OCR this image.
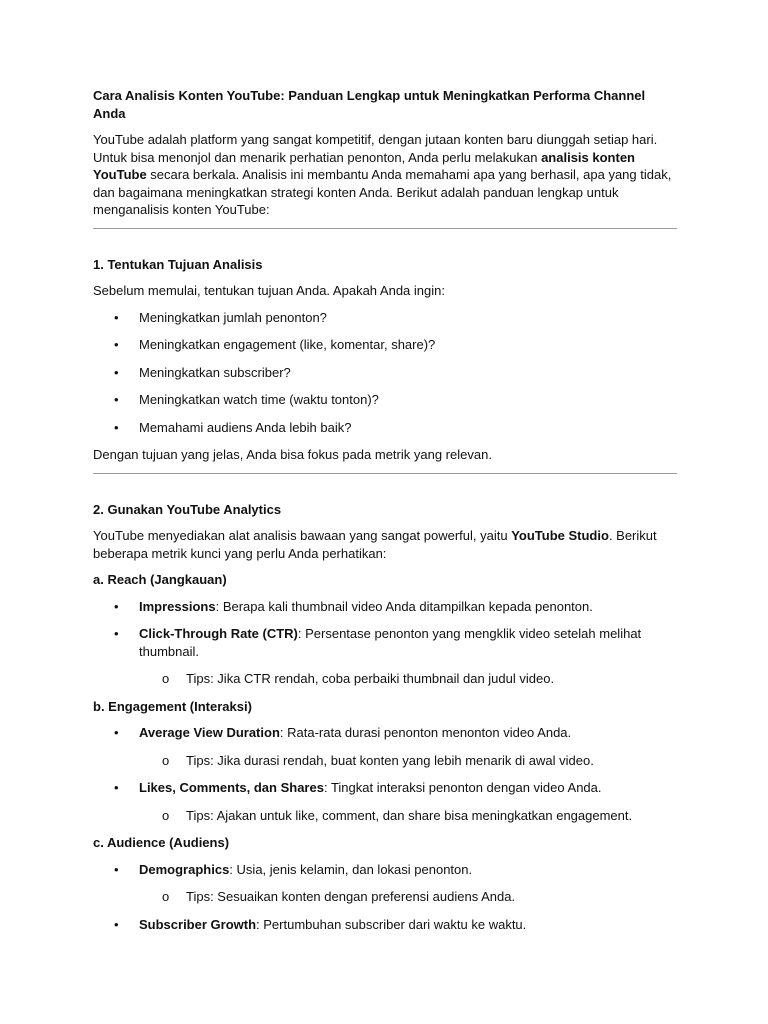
Cara Analisis Konten YouTube: Panduan Lengkap untuk Meningkatkan Performa Channel Anda

YouTube adalah platform yang sangat kompetitif, dengan jutaan konten baru diunggah setiap hari. Untuk bisa menonjol dan menarik perhatian penonton, Anda perlu melakukan analisis konten YouTube secara berkala. Analisis ini membantu Anda memahami apa yang berhasil, apa yang tidak, dan bagaimana meningkatkan strategi konten Anda. Berikut adalah panduan lengkap untuk menganalisis konten YouTube:

1. Tentukan Tujuan Analisis

Sebelum memulai, tentukan tujuan Anda. Apakah Anda ingin:

• Meningkatkan jumlah penonton?
• Meningkatkan engagement (like, komentar, share)?
• Meningkatkan subscriber?
• Meningkatkan watch time (waktu tonton)?
• Memahami audiens Anda lebih baik?

Dengan tujuan yang jelas, Anda bisa fokus pada metrik yang relevan.

2. Gunakan YouTube Analytics

YouTube menyediakan alat analisis bawaan yang sangat powerful, yaitu YouTube Studio. Berikut beberapa metrik kunci yang perlu Anda perhatikan:

a. Reach (Jangkauan)
• Impressions: Berapa kali thumbnail video Anda ditampilkan kepada penonton.
• Click-Through Rate (CTR): Persentase penonton yang mengklik video setelah melihat thumbnail.
o Tips: Jika CTR rendah, coba perbaiki thumbnail dan judul video.
b. Engagement (Interaksi)
• Average View Duration: Rata-rata durasi penonton menonton video Anda.
o Tips: Jika durasi rendah, buat konten yang lebih menarik di awal video.
• Likes, Comments, dan Shares: Tingkat interaksi penonton dengan video Anda.
o Tips: Ajakan untuk like, comment, dan share bisa meningkatkan engagement.
c. Audience (Audiens)
• Demographics: Usia, jenis kelamin, dan lokasi penonton.
o Tips: Sesuaikan konten dengan preferensi audiens Anda.
• Subscriber Growth: Pertumbuhan subscriber dari waktu ke waktu.
